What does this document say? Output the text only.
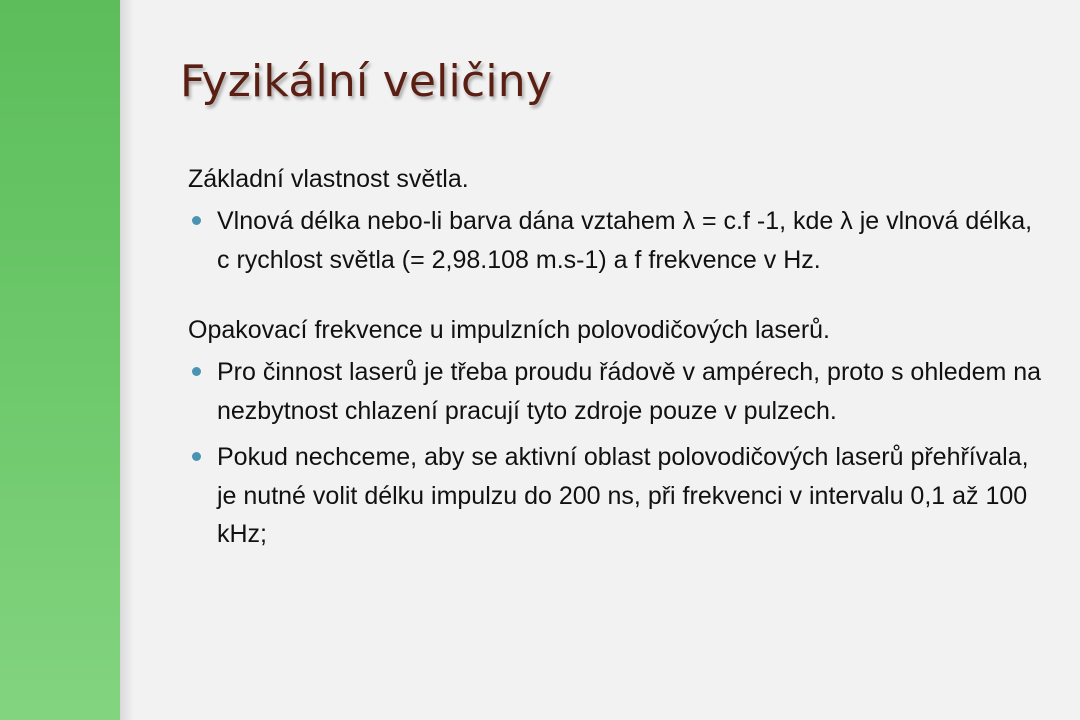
Fyzikální veličiny

Základní vlastnost světla.

Vlnová délka nebo-li barva dána vztahem λ = c.f -1, kde λ je vlnová délka, c rychlost světla (= 2,98.108 m.s-1) a f frekvence v Hz.

Opakovací frekvence u impulzních polovodičových laserů.

Pro činnost laserů je třeba proudu řádově v ampérech, proto s ohledem na nezbytnost chlazení pracují tyto zdroje pouze v pulzech.
Pokud nechceme, aby se aktivní oblast polovodičových laserů přehřívala, je nutné volit délku impulzu do 200 ns, při frekvenci v intervalu 0,1 až 100 kHz;
